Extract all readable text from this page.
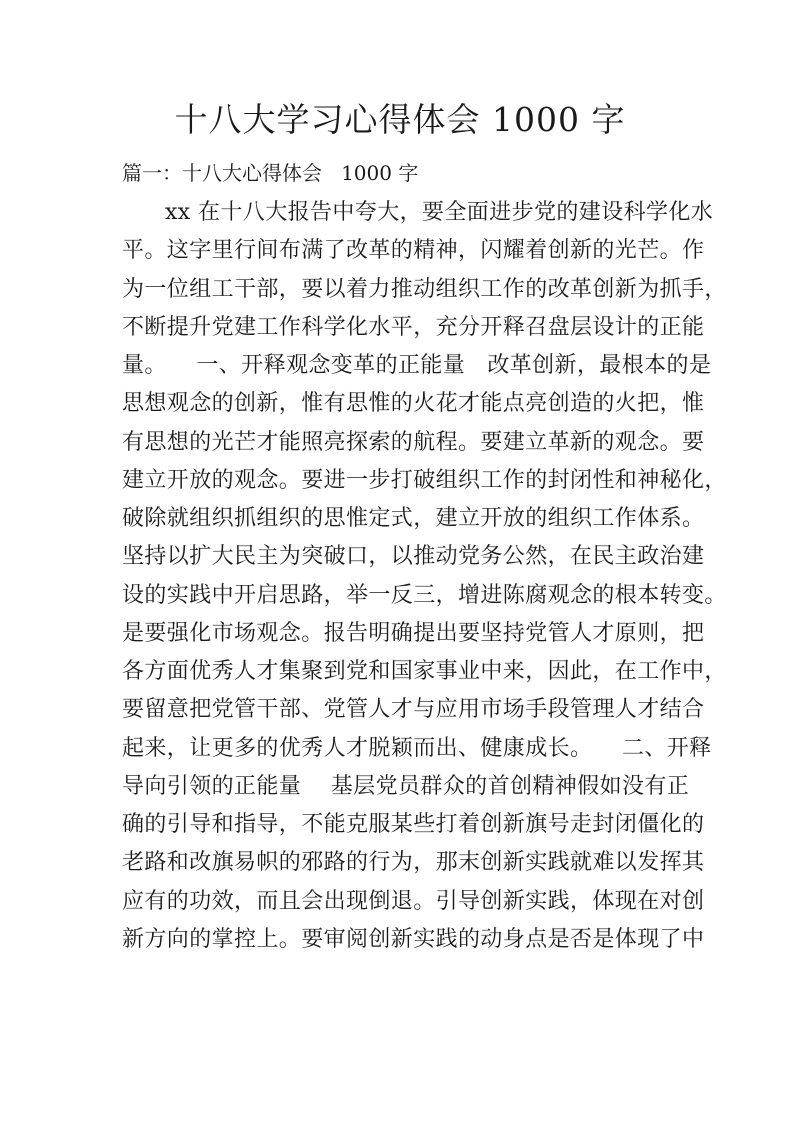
十八大学习心得体会 1000 字

篇一：十八大心得体会   1000 字

xx 在十八大报告中夸大，要全面进步党的建设科学化水
平。这字里行间布满了改革的精神，闪耀着创新的光芒。作
为一位组工干部，要以着力推动组织工作的改革创新为抓手，
不断提升党建工作科学化水平，充分开释召盘层设计的正能
量。    一、开释观念变革的正能量   改革创新，最根本的是
思想观念的创新，惟有思惟的火花才能点亮创造的火把，惟
有思想的光芒才能照亮探索的航程。要建立革新的观念。要
建立开放的观念。要进一步打破组织工作的封闭性和神秘化，
破除就组织抓组织的思惟定式，建立开放的组织工作体系。
坚持以扩大民主为突破口，以推动党务公然，在民主政治建
设的实践中开启思路，举一反三，增进陈腐观念的根本转变。
是要强化市场观念。报告明确提出要坚持党管人才原则，把
各方面优秀人才集聚到党和国家事业中来，因此，在工作中，
要留意把党管干部、党管人才与应用市场手段管理人才结合
起来，让更多的优秀人才脱颖而出、健康成长。    二、开释
导向引领的正能量    基层党员群众的首创精神假如没有正
确的引导和指导，不能克服某些打着创新旗号走封闭僵化的
老路和改旗易帜的邪路的行为，那末创新实践就难以发挥其
应有的功效，而且会出现倒退。引导创新实践，体现在对创
新方向的掌控上。要审阅创新实践的动身点是否是体现了中
